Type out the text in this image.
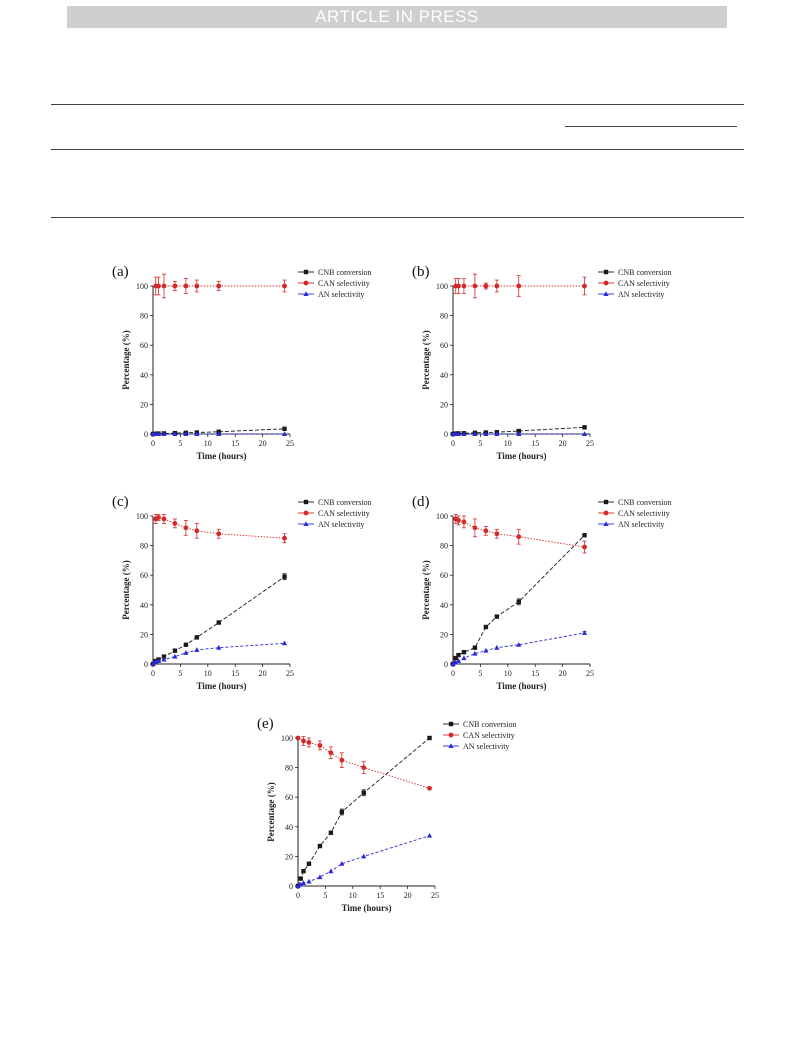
ARTICLE IN PRESS
(a)
0	5	10 15 20 25
0
20
40
60
80
100
Time (hours)
Percentage (%)
CNB conversion
CAN selectivity
AN selectivity
(b)
0	5	10 15 20 25
0
20
40
60
80
100
Time (hours)
Percentage (%)
CNB conversion
CAN selectivity
AN selectivity
(c)
0	5	10 15 20 25
0
20
40
60
80
100
Time (hours)
Percentage (%)
CNB conversion
CAN selectivity
AN selectivity
(d)
0	5	10 15 20 25
0
20
40
60
80
100
Time (hours)
Percentage (%)
CNB conversion
CAN selectivity
AN selectivity
(e)
0	5	10 15 20 25
0
20
40
60
80
100
Time (hours)
Percentage (%)
CNB conversion
CAN selectivity
AN selectivity
